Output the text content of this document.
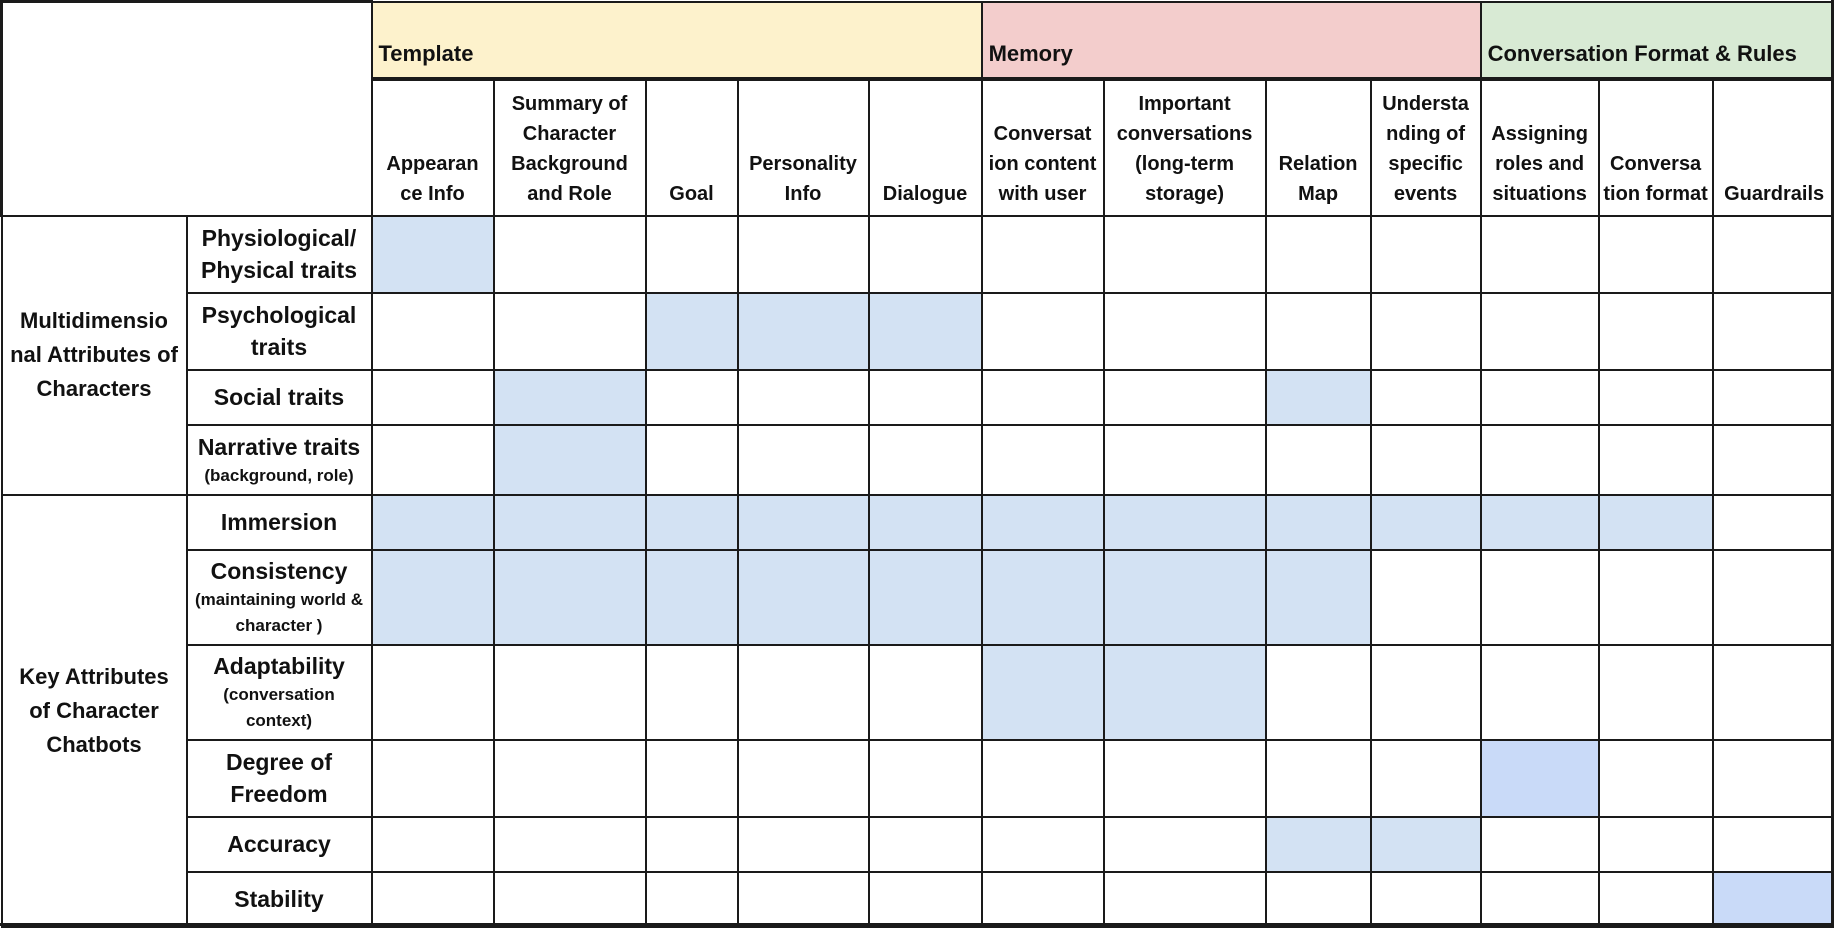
		Template					Memory				Conversation Format & Rules		
		Appearan ce Info	Summary of Character Background and Role	Goal	Personality Info	Dialogue	Conversat ion content with user	Important conversations (long-term storage)	Relation Map	Understa nding of specific events	Assigning roles and situations	Conversa tion format	Guardrails
Multidimensio nal Attributes of Characters	Physiological/ Physical traits												
	Psychological traits												
	Social traits												
	Narrative traits
(background, role)												

Key Attributes of Character Chatbots	Immersion												
	Consistency
(maintaining world & character )												

	Adaptability
(conversation context)												

	Degree of Freedom												
	Accuracy												
	Stability												
